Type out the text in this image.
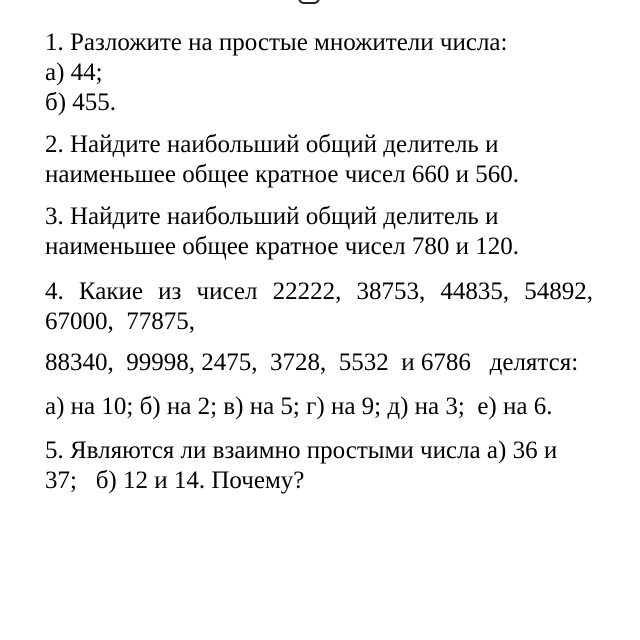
1. Разложите на простые множители числа:
а) 44;
б) 455.
2. Найдите наибольший общий делитель и
наименьшее общее кратное чисел 660 и 560.
3. Найдите наибольший общий делитель и
наименьшее общее кратное чисел 780 и 120.
4. Какие из чисел 22222, 38753, 44835, 54892,
67000,  77875,
88340,  99998, 2475,  3728,  5532  и 6786   делятся:
а) на 10; б) на 2; в) на 5; г) на 9; д) на 3;  е) на 6.
5. Являются ли взаимно простыми числа а) 36 и
37;   б) 12 и 14. Почему?
